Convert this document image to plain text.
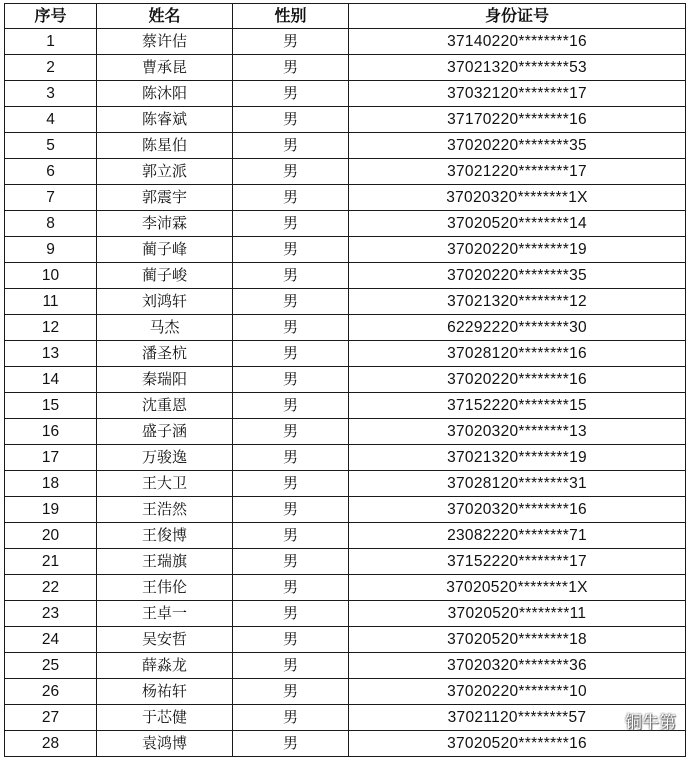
序号	姓名	性别	身份证号
1	蔡许佶	男	37140220********16
2	曹承昆	男	37021320********53
3	陈沐阳	男	37032120********17
4	陈睿斌	男	37170220********16
5	陈星伯	男	37020220********35
6	郭立派	男	37021220********17
7	郭震宇	男	37020320********1X
8	李沛霖	男	37020520********14
9	蔺子峰	男	37020220********19
10	蔺子峻	男	37020220********35
11	刘鸿轩	男	37021320********12
12	马杰	男	62292220********30
13	潘圣杭	男	37028120********16
14	秦瑞阳	男	37020220********16
15	沈重恩	男	37152220********15
16	盛子涵	男	37020320********13
17	万骏逸	男	37021320********19
18	王大卫	男	37028120********31
19	王浩然	男	37020320********16
20	王俊博	男	23082220********71
21	王瑞旗	男	37152220********17
22	王伟伦	男	37020520********1X
23	王卓一	男	37020520********11
24	吴安哲	男	37020520********18
25	薛淼龙	男	37020320********36
26	杨祐轩	男	37020220********10
27	于芯健	男	37021120********57
28	袁鸿博	男	37020520********16
铜牛第
